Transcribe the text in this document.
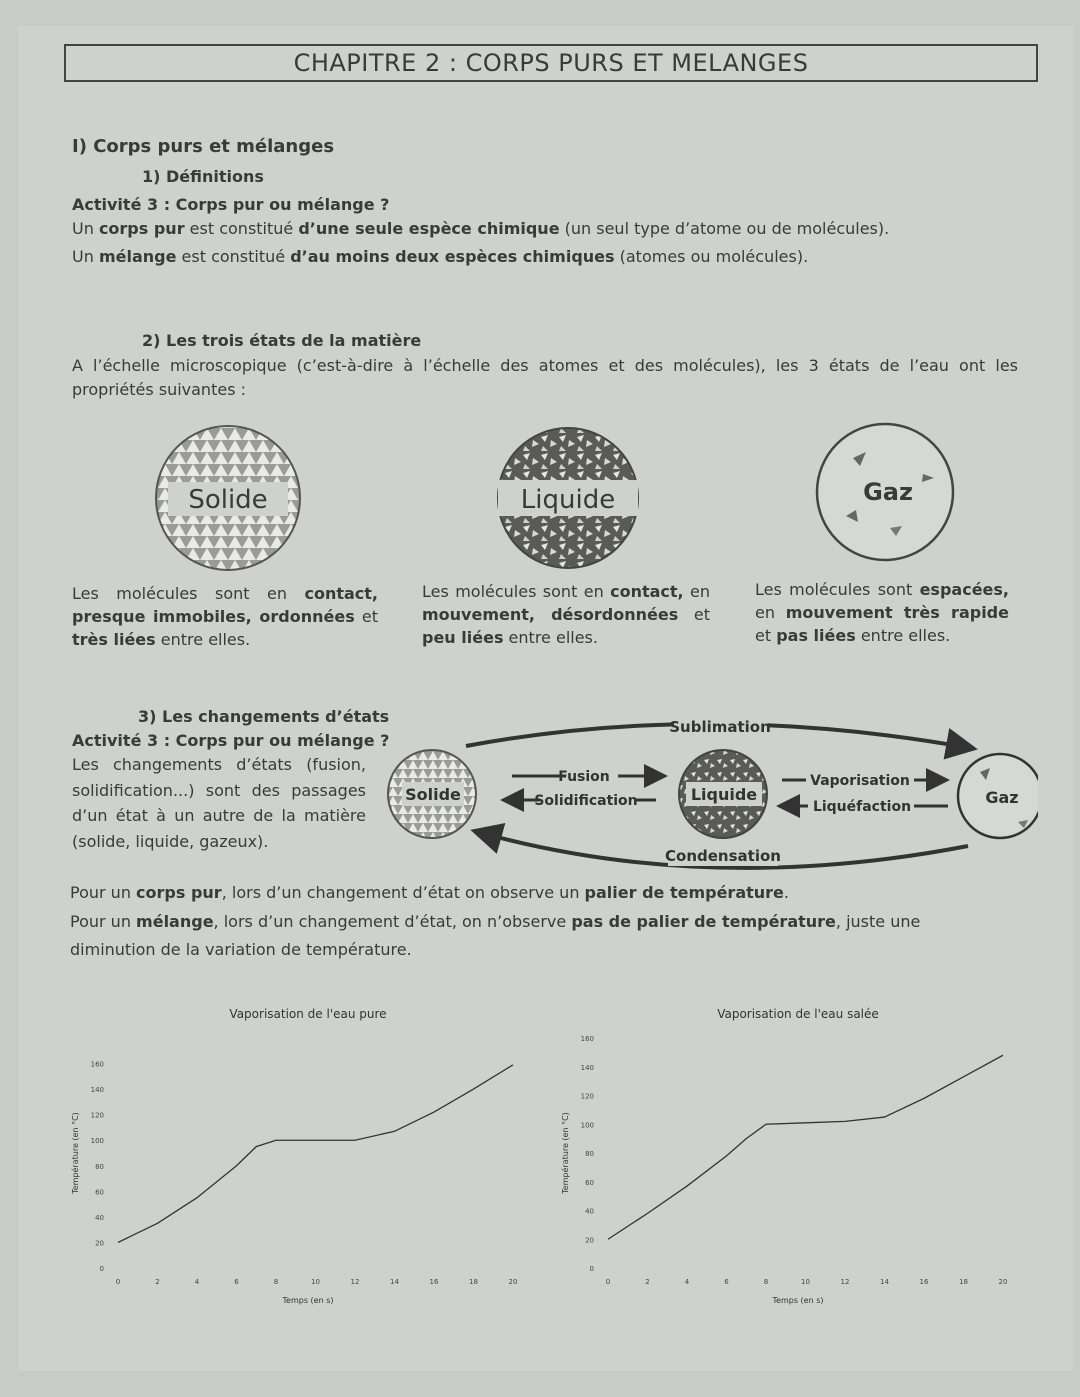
CHAPITRE 2 : CORPS PURS ET MELANGES
I) Corps purs et mélanges
1) Définitions
Activité 3 : Corps pur ou mélange ?
Un corps pur est constitué d’une seule espèce chimique (un seul type d’atome ou de molécules).
Un mélange est constitué d’au moins deux espèces chimiques (atomes ou molécules).
2) Les trois états de la matière
A l’échelle microscopique (c’est-à-dire à l’échelle des atomes et des molécules), les 3 états de l’eau ont les propriétés suivantes :
Solide	Liquide	Gaz
Les molécules sont en contact, presque immobiles, ordonnées et très liées entre elles.
Les molécules sont en contact, en mouvement, désordonnées et peu liées entre elles.
Les molécules sont espacées, en mouvement très rapide et pas liées entre elles.
3) Les changements d’états
Activité 3 : Corps pur ou mélange ?
Les changements d’états (fusion, solidification...) sont des passages d’un état à un autre de la matière (solide, liquide, gazeux).
Sublimation
Condensation
Solide
Fusion
Solidification	Liquide
Vaporisation
Liquéfaction	Gaz
Pour un corps pur, lors d’un changement d’état on observe un palier de température.
Pour un mélange, lors d’un changement d’état, on n’observe pas de palier de température, juste une diminution de la variation de température.
Vaporisation de l'eau pure
Temps (en s)
Température (en °C)
0
20
40
60
80
100
120
140
160
0	2	4	6	8	10	12	14	16	18	20
Vaporisation de l'eau salée
Temps (en s)
Température (en °C)
0
20
40
60
80
100
120
140
160
0	2	4	6	8	10	12	14	16	18	20
